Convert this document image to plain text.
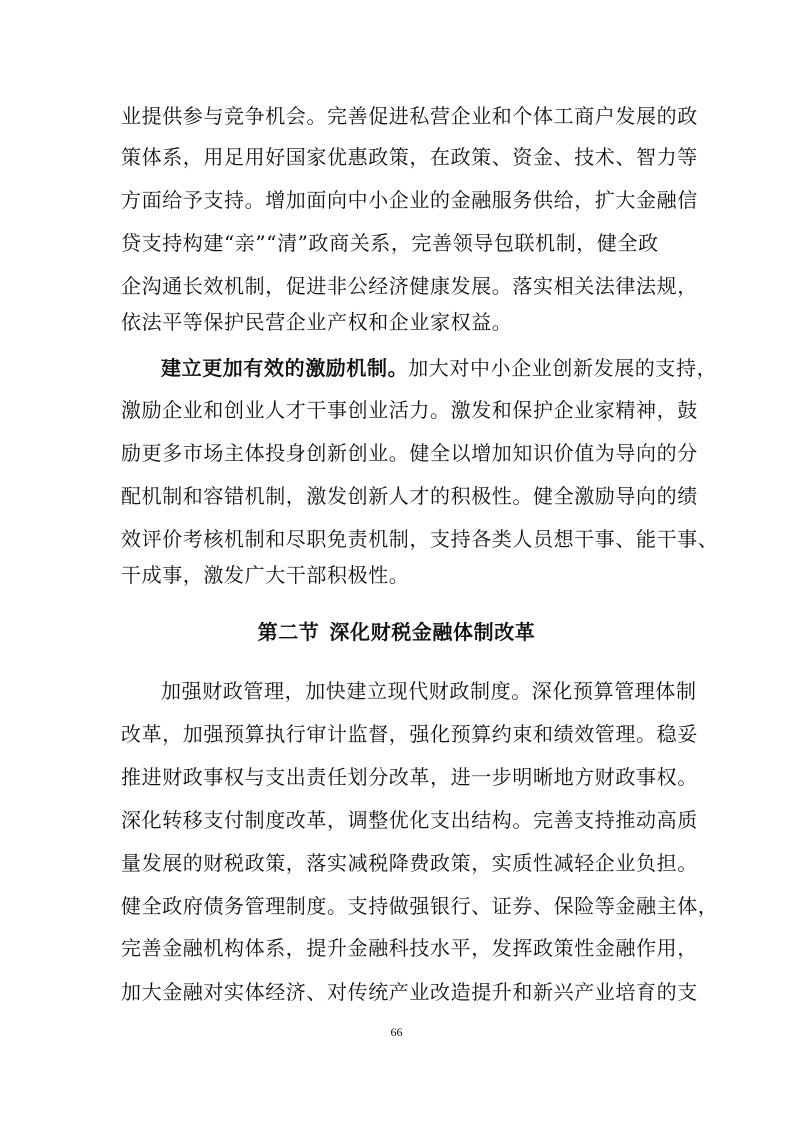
业提供参与竞争机会。完善促进私营企业和个体工商户发展的政

策体系，用足用好国家优惠政策，在政策、资金、技术、智力等

方面给予支持。增加面向中小企业的金融服务供给，扩大金融信

贷支持构建“亲”“清”政商关系，完善领导包联机制，健全政

企沟通长效机制，促进非公经济健康发展。落实相关法律法规，

依法平等保护民营企业产权和企业家权益。

建立更加有效的激励机制。加大对中小企业创新发展的支持，

激励企业和创业人才干事创业活力。激发和保护企业家精神，鼓

励更多市场主体投身创新创业。健全以增加知识价值为导向的分

配机制和容错机制，激发创新人才的积极性。健全激励导向的绩

效评价考核机制和尽职免责机制，支持各类人员想干事、能干事、

干成事，激发广大干部积极性。

第二节 深化财税金融体制改革

加强财政管理，加快建立现代财政制度。深化预算管理体制

改革，加强预算执行审计监督，强化预算约束和绩效管理。稳妥

推进财政事权与支出责任划分改革，进一步明晰地方财政事权。

深化转移支付制度改革，调整优化支出结构。完善支持推动高质

量发展的财税政策，落实减税降费政策，实质性减轻企业负担。

健全政府债务管理制度。支持做强银行、证券、保险等金融主体，

完善金融机构体系，提升金融科技水平，发挥政策性金融作用，

加大金融对实体经济、对传统产业改造提升和新兴产业培育的支

66
